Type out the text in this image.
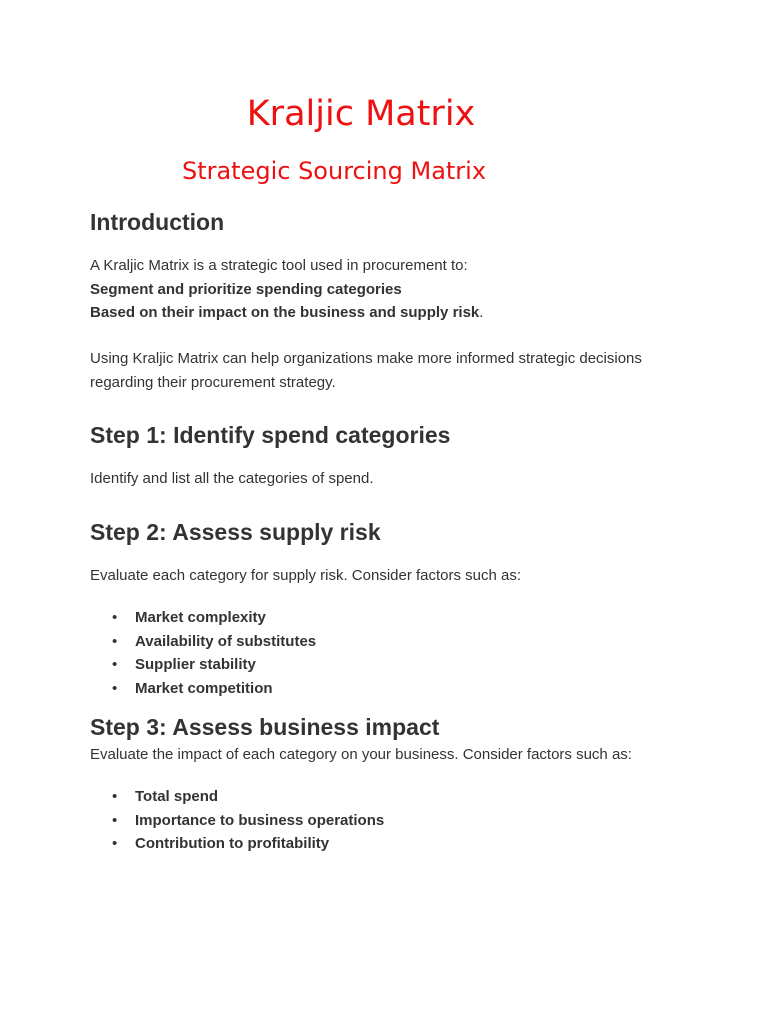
Kraljic Matrix
Strategic Sourcing Matrix
Introduction

A Kraljic Matrix is a strategic tool used in procurement to:

Segment and prioritize spending categories

Based on their impact on the business and supply risk.

Using Kraljic Matrix can help organizations make more informed strategic decisions

regarding their procurement strategy.

Step 1: Identify spend categories

Identify and list all the categories of spend.

Step 2: Assess supply risk

Evaluate each category for supply risk. Consider factors such as:

• Market complexity
• Availability of substitutes
• Supplier stability
• Market competition
Step 3: Assess business impact

Evaluate the impact of each category on your business. Consider factors such as:

• Total spend
• Importance to business operations
• Contribution to profitability
